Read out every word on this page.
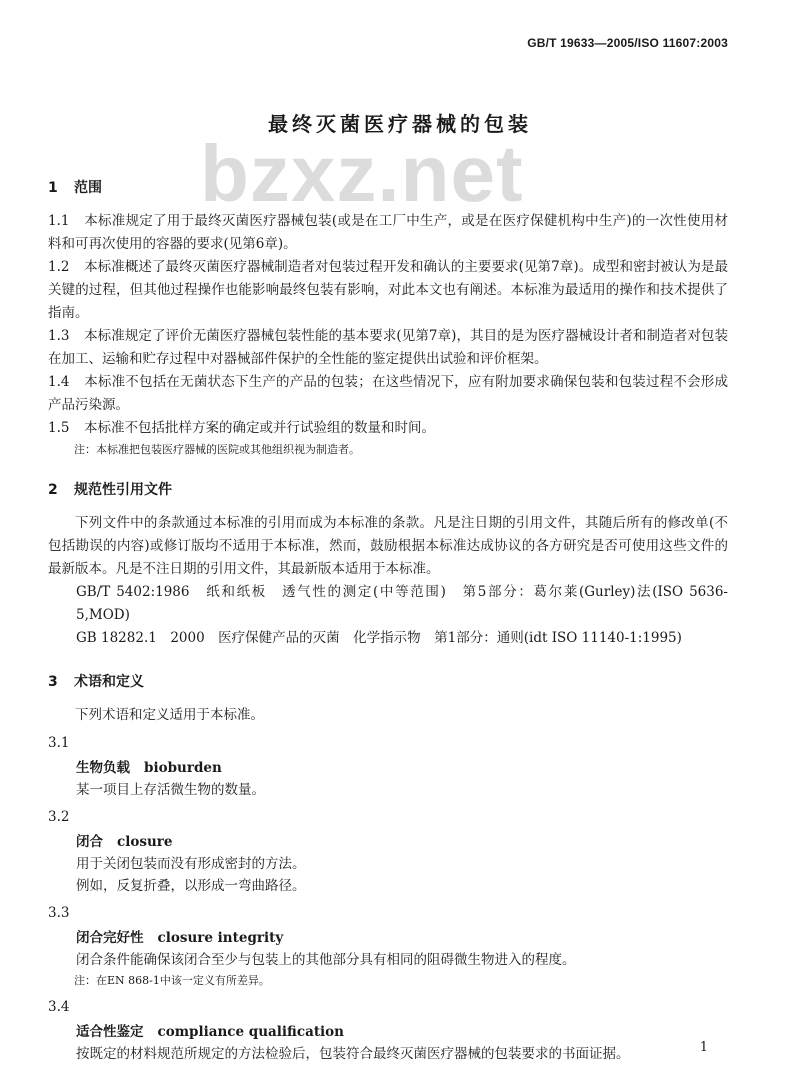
GB/T 19633—2005/ISO 11607:2003
bzxz.net
最终灭菌医疗器械的包装
1 范围

1.1 本标准规定了用于最终灭菌医疗器械包装(或是在工厂中生产，或是在医疗保健机构中生产)的一次性使用材料和可再次使用的容器的要求(见第6章)。

1.2 本标准概述了最终灭菌医疗器械制造者对包装过程开发和确认的主要要求(见第7章)。成型和密封被认为是最关键的过程，但其他过程操作也能影响最终包装有影响，对此本文也有阐述。本标准为最适用的操作和技术提供了指南。

1.3 本标准规定了评价无菌医疗器械包装性能的基本要求(见第7章)，其目的是为医疗器械设计者和制造者对包装在加工、运输和贮存过程中对器械部件保护的全性能的鉴定提供出试验和评价框架。

1.4 本标准不包括在无菌状态下生产的产品的包装；在这些情况下，应有附加要求确保包装和包装过程不会形成产品污染源。

1.5 本标准不包括批样方案的确定或并行试验组的数量和时间。

注：本标准把包装医疗器械的医院或其他组织视为制造者。

2 规范性引用文件

下列文件中的条款通过本标准的引用而成为本标准的条款。凡是注日期的引用文件，其随后所有的修改单(不包括勘误的内容)或修订版均不适用于本标准，然而，鼓励根据本标准达成协议的各方研究是否可使用这些文件的最新版本。凡是不注日期的引用文件，其最新版本适用于本标准。

GB/T 5402:1986　纸和纸板　透气性的测定(中等范围)　第5部分：葛尔莱(Gurley)法(ISO 5636-5,MOD)

GB 18282.1　2000　医疗保健产品的灭菌　化学指示物　第1部分：通则(idt ISO 11140-1:1995)

3 术语和定义

下列术语和定义适用于本标准。

3.1

生物负载 bioburden

某一项目上存活微生物的数量。

3.2

闭合 closure

用于关闭包装而没有形成密封的方法。

例如，反复折叠，以形成一弯曲路径。

3.3

闭合完好性 closure integrity

闭合条件能确保该闭合至少与包装上的其他部分具有相同的阻碍微生物进入的程度。

注：在EN 868-1中该一定义有所差异。

3.4

适合性鉴定 compliance qualification

按既定的材料规范所规定的方法检验后，包装符合最终灭菌医疗器械的包装要求的书面证据。	1
